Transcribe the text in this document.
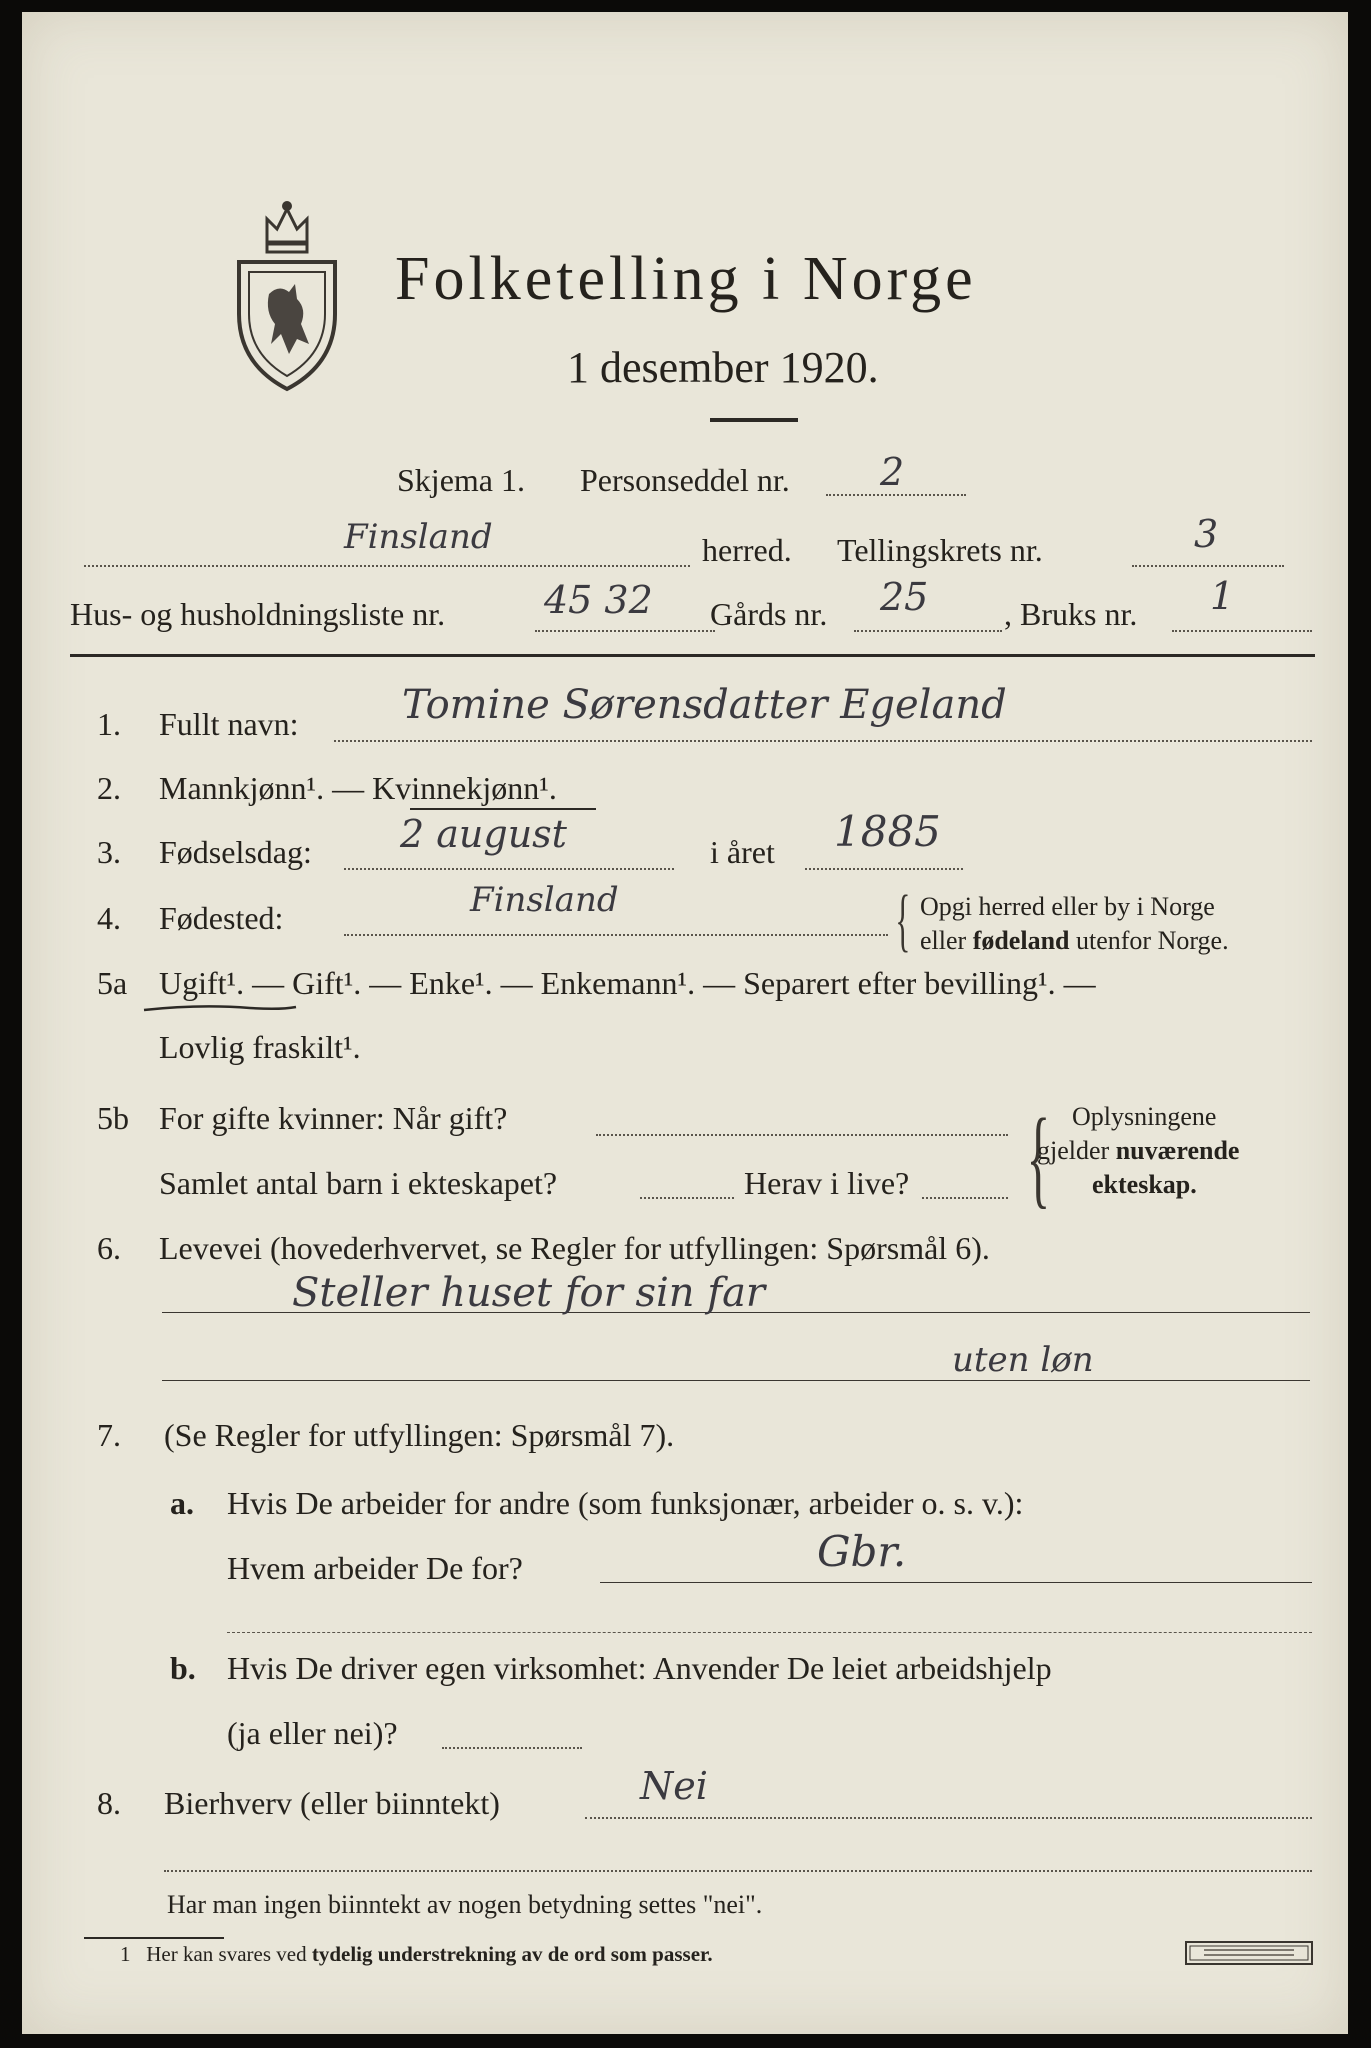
Folketelling i Norge
1 desember 1920.
Skjema 1. Personseddel nr. 2
Finsland	herred. Tellingskrets nr.	3
Hus- og husholdningsliste nr.	45 32 Gårds nr. 25 , Bruks nr. 1
1. Fullt navn:	Tomine Sørensdatter Egeland
2. Mannkjønn¹. — Kvinnekjønn¹.
3. Fødselsdag: 2 august	i året 1885
4. Fødested:	Finsland	{ Opgi herred eller by i Norge
eller fødeland utenfor Norge.
5a Ugift¹. — Gift¹. — Enke¹. — Enkemann¹. — Separert efter bevilling¹. —
Lovlig fraskilt¹.
5b For gifte kvinner: Når gift?
Samlet antal barn i ekteskapet?	Herav i live? { Oplysningene
gjelder nuværende
ekteskap.
6. Levevei (hovederhvervet, se Regler for utfyllingen: Spørsmål 6).
Steller huset for sin far
uten løn
7. (Se Regler for utfyllingen: Spørsmål 7).
a. Hvis De arbeider for andre (som funksjonær, arbeider o. s. v.):
Hvem arbeider De for?	Gbr.
b. Hvis De driver egen virksomhet: Anvender De leiet arbeidshjelp
(ja eller nei)?
8. Bierhverv (eller biinntekt)	Nei
Har man ingen biinntekt av nogen betydning settes "nei".
1 Her kan svares ved tydelig understrekning av de ord som passer.
